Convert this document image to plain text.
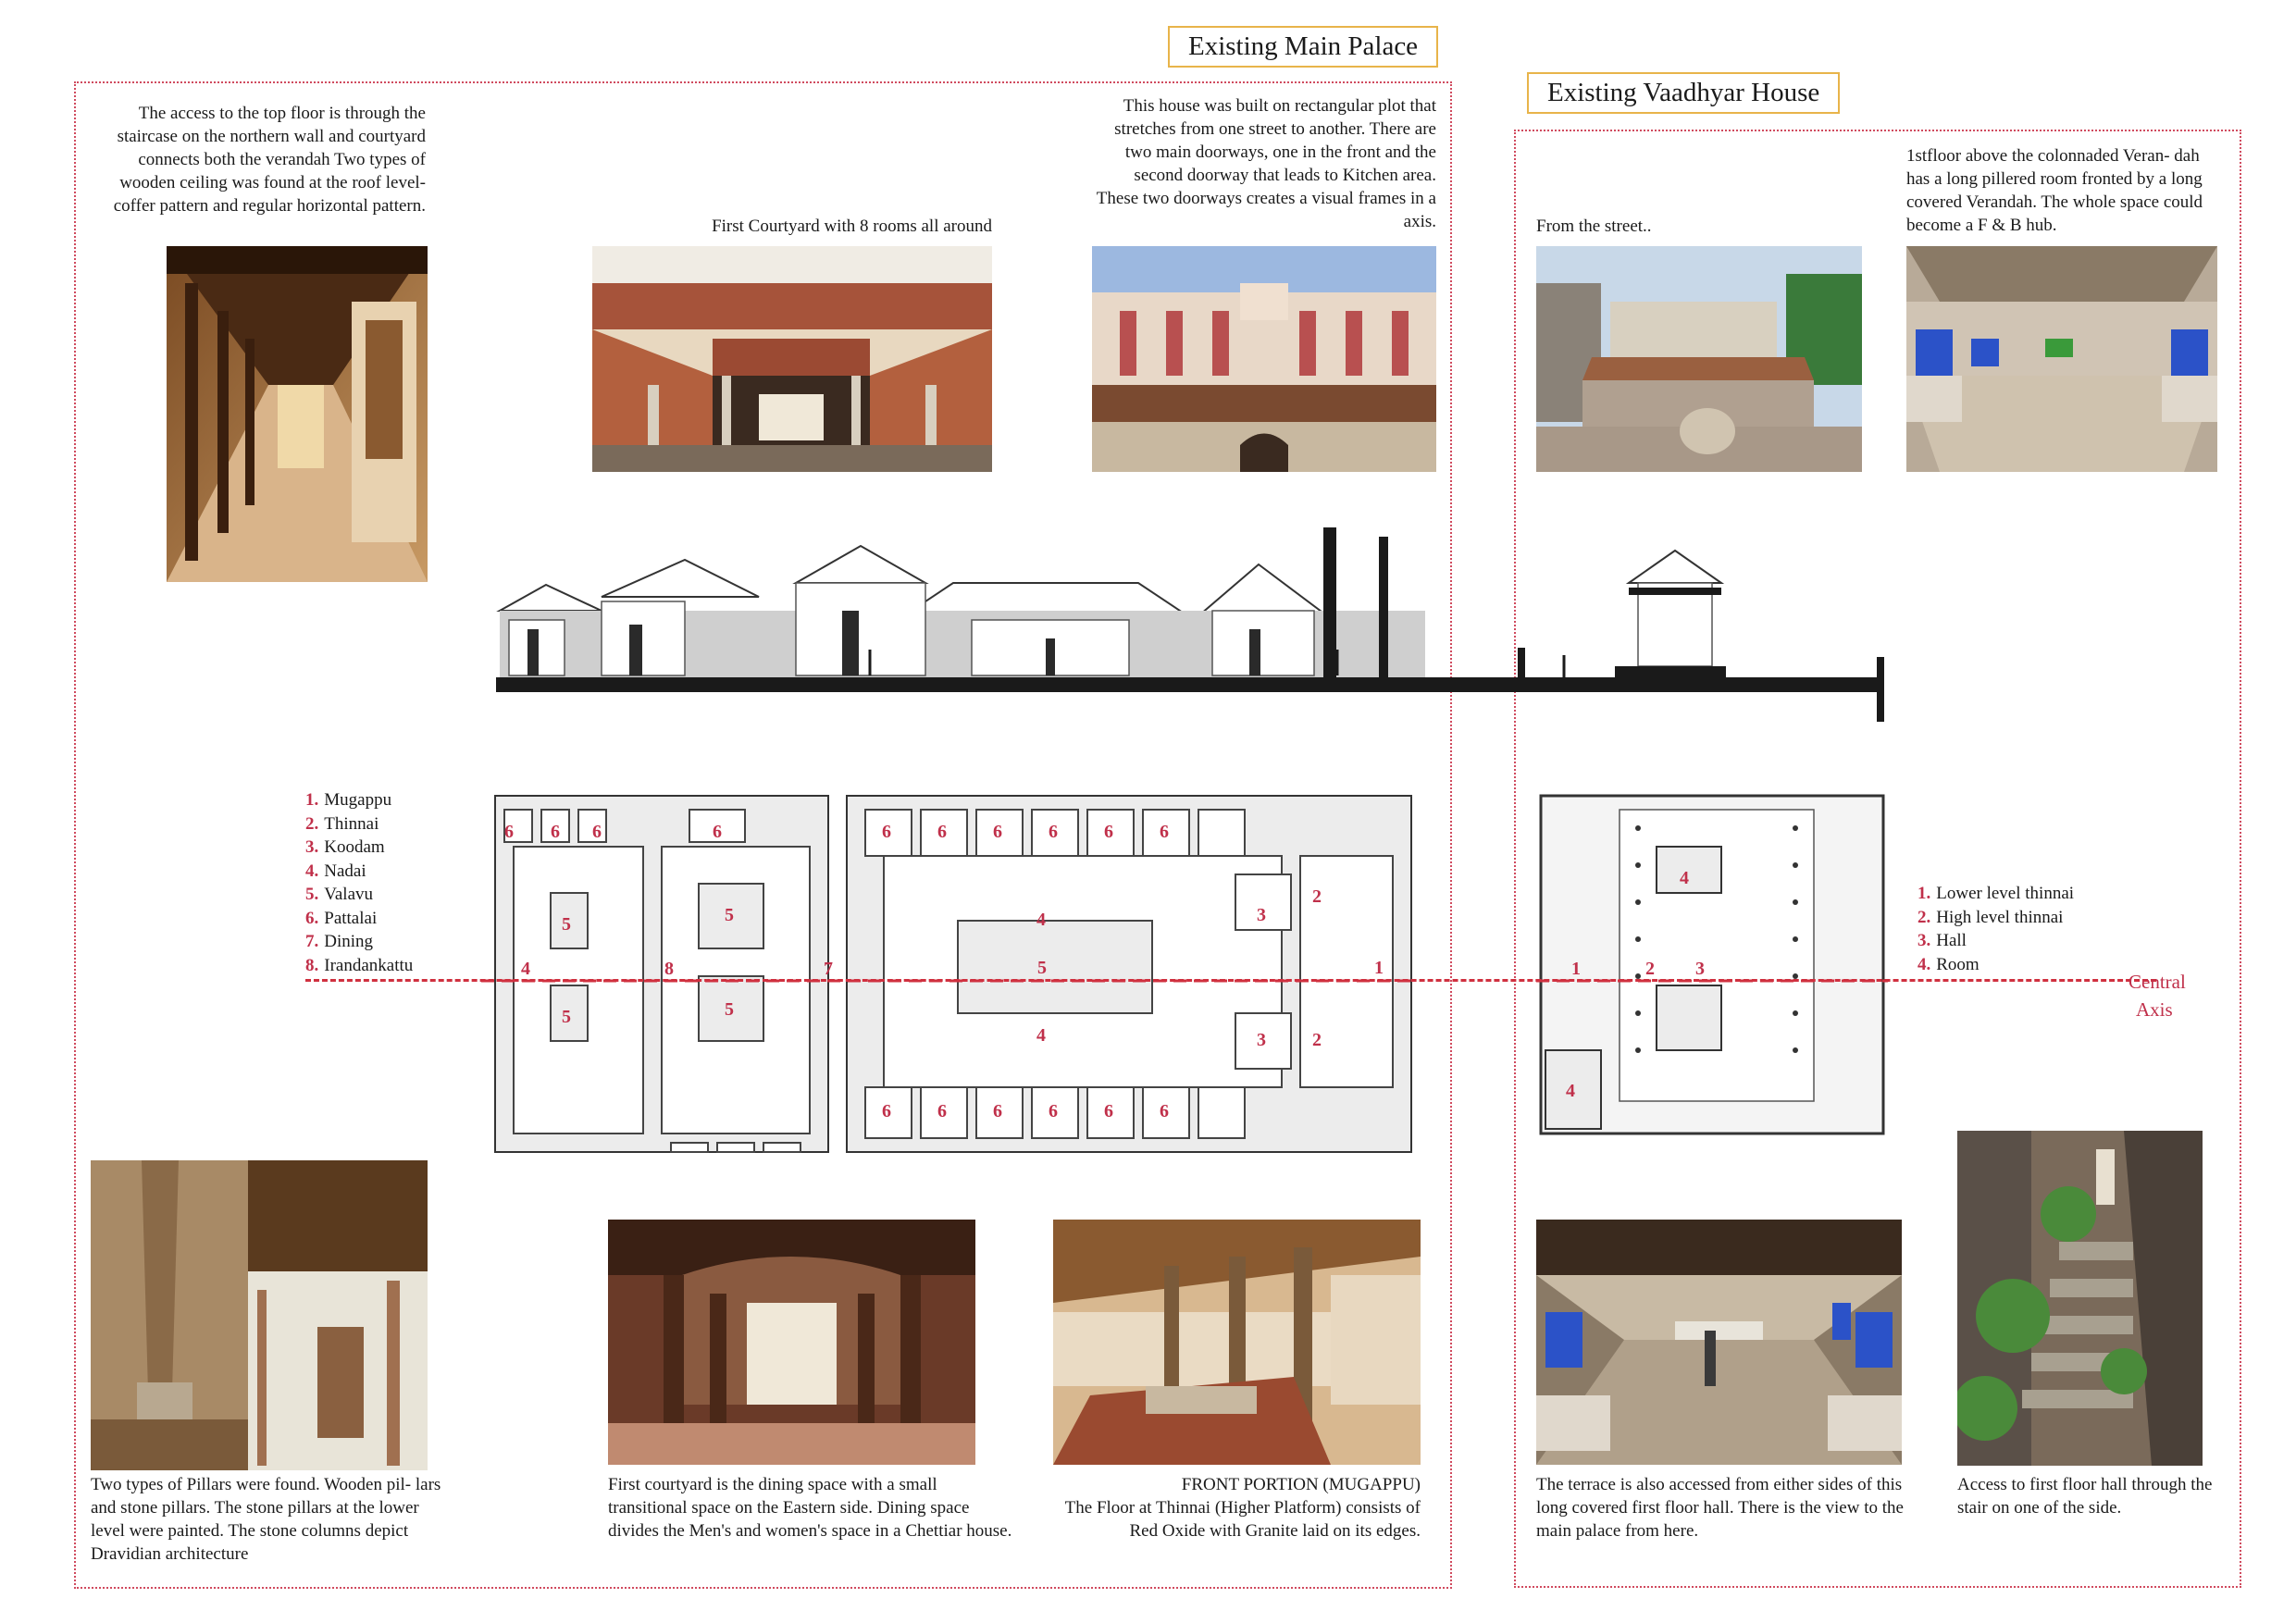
Existing Main Palace
Existing Vaadhyar House
The access to the top floor is through the staircase on the northern wall and courtyard connects both the verandah Two types of wooden ceiling was found at the roof level- coffer pattern and regular horizontal pattern.
First Courtyard with 8 rooms all around
This house was built on rectangular plot that stretches from one street to another. There are two main doorways, one in the front and the second doorway that leads to Kitchen area. These two doorways creates a visual frames in a axis.	From the street..
1stfloor above the colonnaded Veran- dah has a long pillered room fronted by a long covered Verandah. The whole space could become a F & B hub.
1. Mugappu
2. Thinnai
3. Koodam
4. Nadai
5. Valavu
6. Pattalai
7. Dining
8. Irandankattu
6 6 6	6
5
5
5
5
4	8	7
4
5
4
6	6	6	6	6	6
6	6	6	6	6	6
3
3
2
2
1
4
1	2 3
4
1. Lower level thinnai
2. High level thinnai
3. Hall
4. Room
Central
Axis
Two types of Pillars were found. Wooden pil- lars and stone pillars. The stone pillars at the lower level were painted. The stone columns depict Dravidian architecture
First courtyard is the dining space with a small transitional space on the Eastern side. Dining space divides the Men's and women's space in a Chettiar house.
FRONT PORTION (MUGAPPU)
The Floor at Thinnai (Higher Platform) consists of Red Oxide with Granite laid on its edges.
The terrace is also accessed from either sides of this long covered first floor hall. There is the view to the main palace from here.
Access to first floor hall through the stair on one of the side.
